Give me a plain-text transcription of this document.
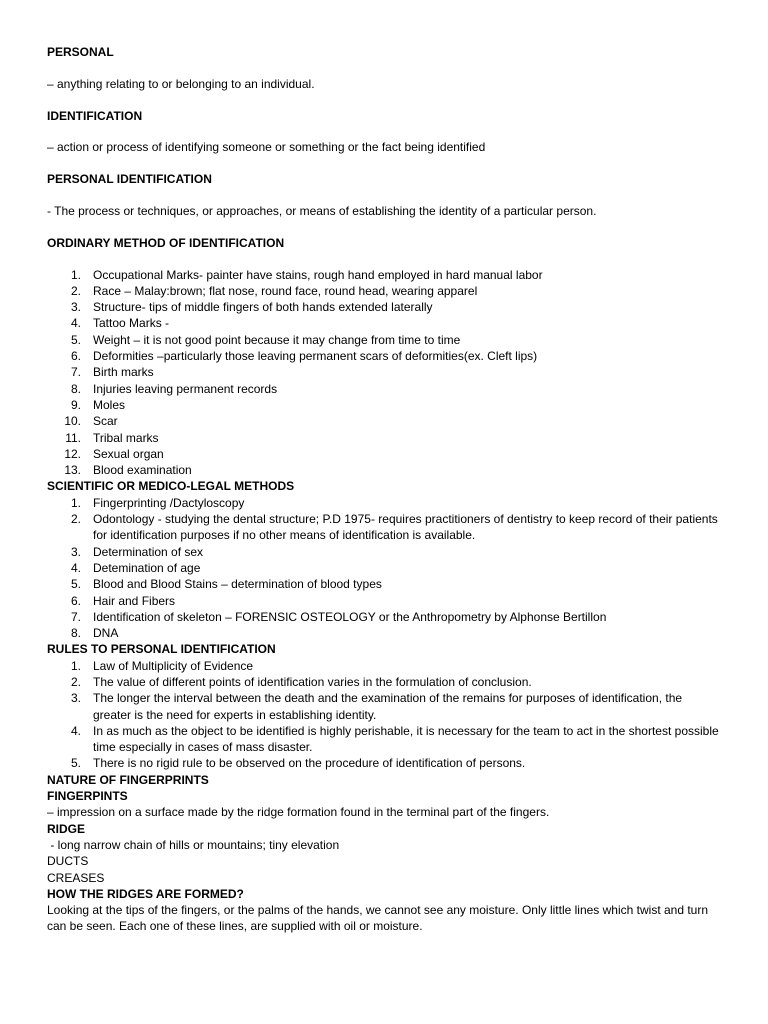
PERSONAL

– anything relating to or belonging to an individual.

IDENTIFICATION

– action or process of identifying someone or something or the fact being identified

PERSONAL IDENTIFICATION

- The process or techniques, or approaches, or means of establishing the identity of a particular person.

ORDINARY METHOD OF IDENTIFICATION

1. Occupational Marks- painter have stains, rough hand employed in hard manual labor
2. Race – Malay:brown; flat nose, round face, round head, wearing apparel
3. Structure- tips of middle fingers of both hands extended laterally
4. Tattoo Marks -
5. Weight – it is not good point because it may change from time to time
6. Deformities –particularly those leaving permanent scars of deformities(ex. Cleft lips)
7. Birth marks
8. Injuries leaving permanent records
9. Moles
10. Scar
11. Tribal marks
12. Sexual organ
13. Blood examination

SCIENTIFIC OR MEDICO-LEGAL METHODS

1. Fingerprinting /Dactyloscopy
2. Odontology - studying the dental structure; P.D 1975- requires practitioners of dentistry to keep record of their patients for identification purposes if no other means of identification is available.
3. Determination of sex
4. Detemination of age
5. Blood and Blood Stains – determination of blood types
6. Hair and Fibers
7. Identification of skeleton – FORENSIC OSTEOLOGY or the Anthropometry by Alphonse Bertillon
8. DNA

RULES TO PERSONAL IDENTIFICATION

1. Law of Multiplicity of Evidence
2. The value of different points of identification varies in the formulation of conclusion.
3. The longer the interval between the death and the examination of the remains for purposes of identification, the greater is the need for experts in establishing identity.
4. In as much as the object to be identified is highly perishable, it is necessary for the team to act in the shortest possible time especially in cases of mass disaster.
5. There is no rigid rule to be observed on the procedure of identification of persons.

NATURE OF FINGERPRINTS

FINGERPINTS

– impression on a surface made by the ridge formation found in the terminal part of the fingers.

RIDGE

- long narrow chain of hills or mountains; tiny elevation

DUCTS

CREASES

HOW THE RIDGES ARE FORMED?

Looking at the tips of the fingers, or the palms of the hands, we cannot see any moisture. Only little lines which twist and turn can be seen. Each one of these lines, are supplied with oil or moisture.
